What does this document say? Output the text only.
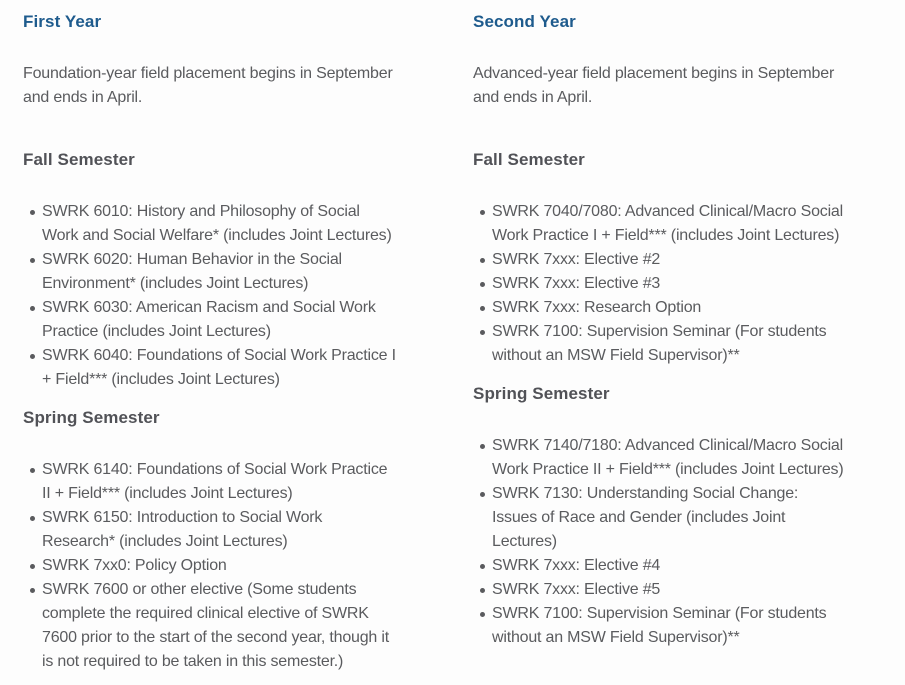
First Year

Foundation-year field placement begins in September and ends in April.

Fall Semester
SWRK 6010: History and Philosophy of Social Work and Social Welfare* (includes Joint Lectures)
SWRK 6020: Human Behavior in the Social Environment* (includes Joint Lectures)
SWRK 6030: American Racism and Social Work Practice (includes Joint Lectures)
SWRK 6040: Foundations of Social Work Practice I + Field*** (includes Joint Lectures)
Spring Semester
SWRK 6140: Foundations of Social Work Practice II + Field*** (includes Joint Lectures)
SWRK 6150: Introduction to Social Work Research* (includes Joint Lectures)
SWRK 7xx0: Policy Option
SWRK 7600 or other elective (Some students complete the required clinical elective of SWRK 7600 prior to the start of the second year, though it is not required to be taken in this semester.)
Second Year

Advanced-year field placement begins in September and ends in April.

Fall Semester
SWRK 7040/7080: Advanced Clinical/Macro Social Work Practice I + Field*** (includes Joint Lectures)
SWRK 7xxx: Elective #2
SWRK 7xxx: Elective #3
SWRK 7xxx: Research Option
SWRK 7100: Supervision Seminar (For students without an MSW Field Supervisor)**
Spring Semester
SWRK 7140/7180: Advanced Clinical/Macro Social Work Practice II + Field*** (includes Joint Lectures)
SWRK 7130: Understanding Social Change: Issues of Race and Gender (includes Joint Lectures)
SWRK 7xxx: Elective #4
SWRK 7xxx: Elective #5
SWRK 7100: Supervision Seminar (For students without an MSW Field Supervisor)**
